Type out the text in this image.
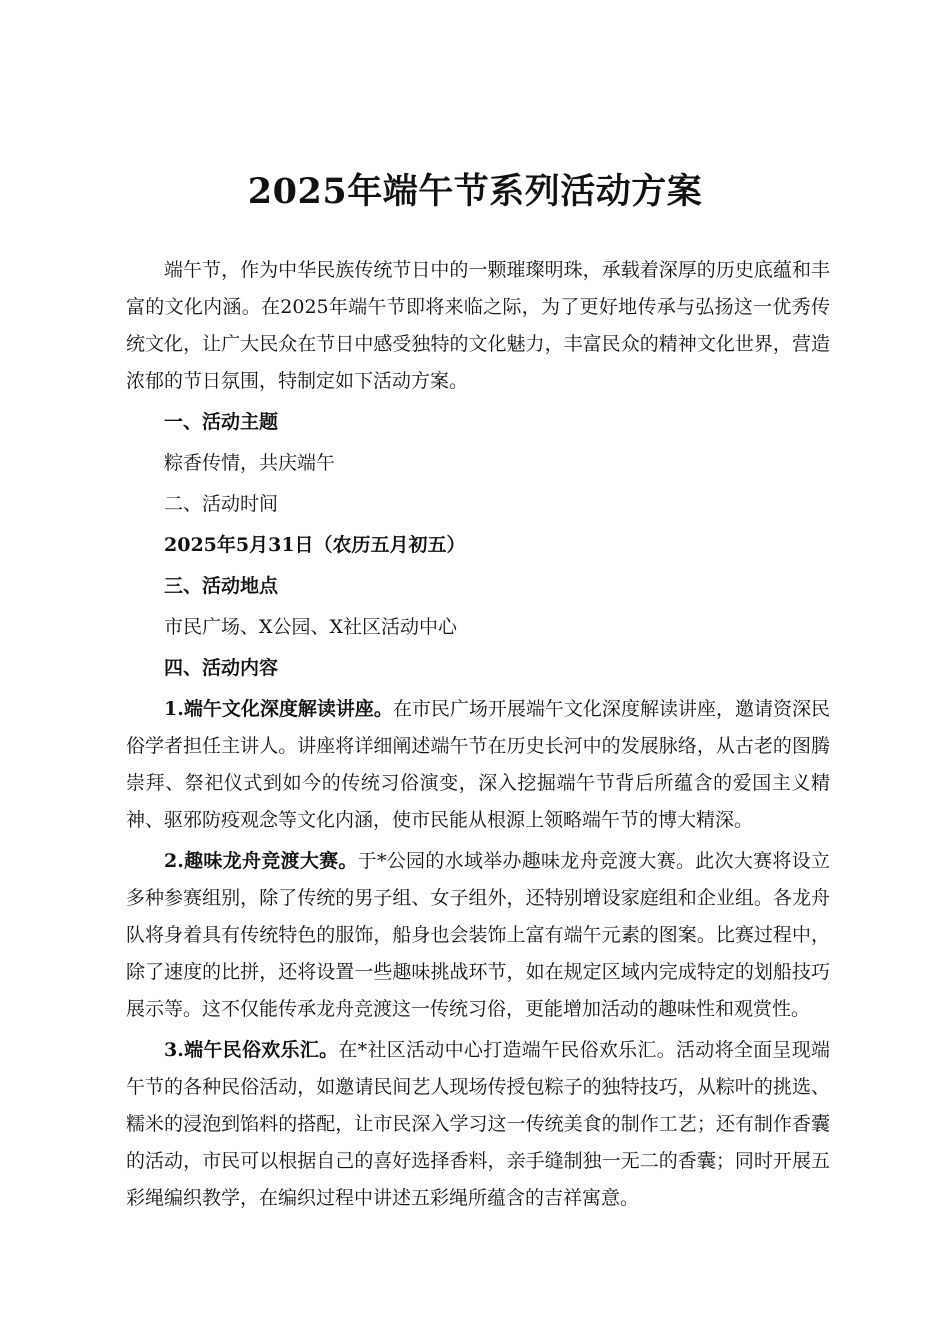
2025年端午节系列活动方案

端午节，作为中华民族传统节日中的一颗璀璨明珠，承载着深厚的历史底蕴和丰富的文化内涵。在2025年端午节即将来临之际，为了更好地传承与弘扬这一优秀传统文化，让广大民众在节日中感受独特的文化魅力，丰富民众的精神文化世界，营造浓郁的节日氛围，特制定如下活动方案。

一、活动主题

粽香传情，共庆端午

二、活动时间

2025年5月31日（农历五月初五）

三、活动地点

市民广场、X公园、X社区活动中心

四、活动内容

1.端午文化深度解读讲座。在市民广场开展端午文化深度解读讲座，邀请资深民俗学者担任主讲人。讲座将详细阐述端午节在历史长河中的发展脉络，从古老的图腾崇拜、祭祀仪式到如今的传统习俗演变，深入挖掘端午节背后所蕴含的爱国主义精神、驱邪防疫观念等文化内涵，使市民能从根源上领略端午节的博大精深。

2.趣味龙舟竞渡大赛。于*公园的水域举办趣味龙舟竞渡大赛。此次大赛将设立多种参赛组别，除了传统的男子组、女子组外，还特别增设家庭组和企业组。各龙舟队将身着具有传统特色的服饰，船身也会装饰上富有端午元素的图案。比赛过程中，除了速度的比拼，还将设置一些趣味挑战环节，如在规定区域内完成特定的划船技巧展示等。这不仅能传承龙舟竞渡这一传统习俗，更能增加活动的趣味性和观赏性。

3.端午民俗欢乐汇。在*社区活动中心打造端午民俗欢乐汇。活动将全面呈现端午节的各种民俗活动，如邀请民间艺人现场传授包粽子的独特技巧，从粽叶的挑选、糯米的浸泡到馅料的搭配，让市民深入学习这一传统美食的制作工艺；还有制作香囊的活动，市民可以根据自己的喜好选择香料，亲手缝制独一无二的香囊；同时开展五彩绳编织教学，在编织过程中讲述五彩绳所蕴含的吉祥寓意。
